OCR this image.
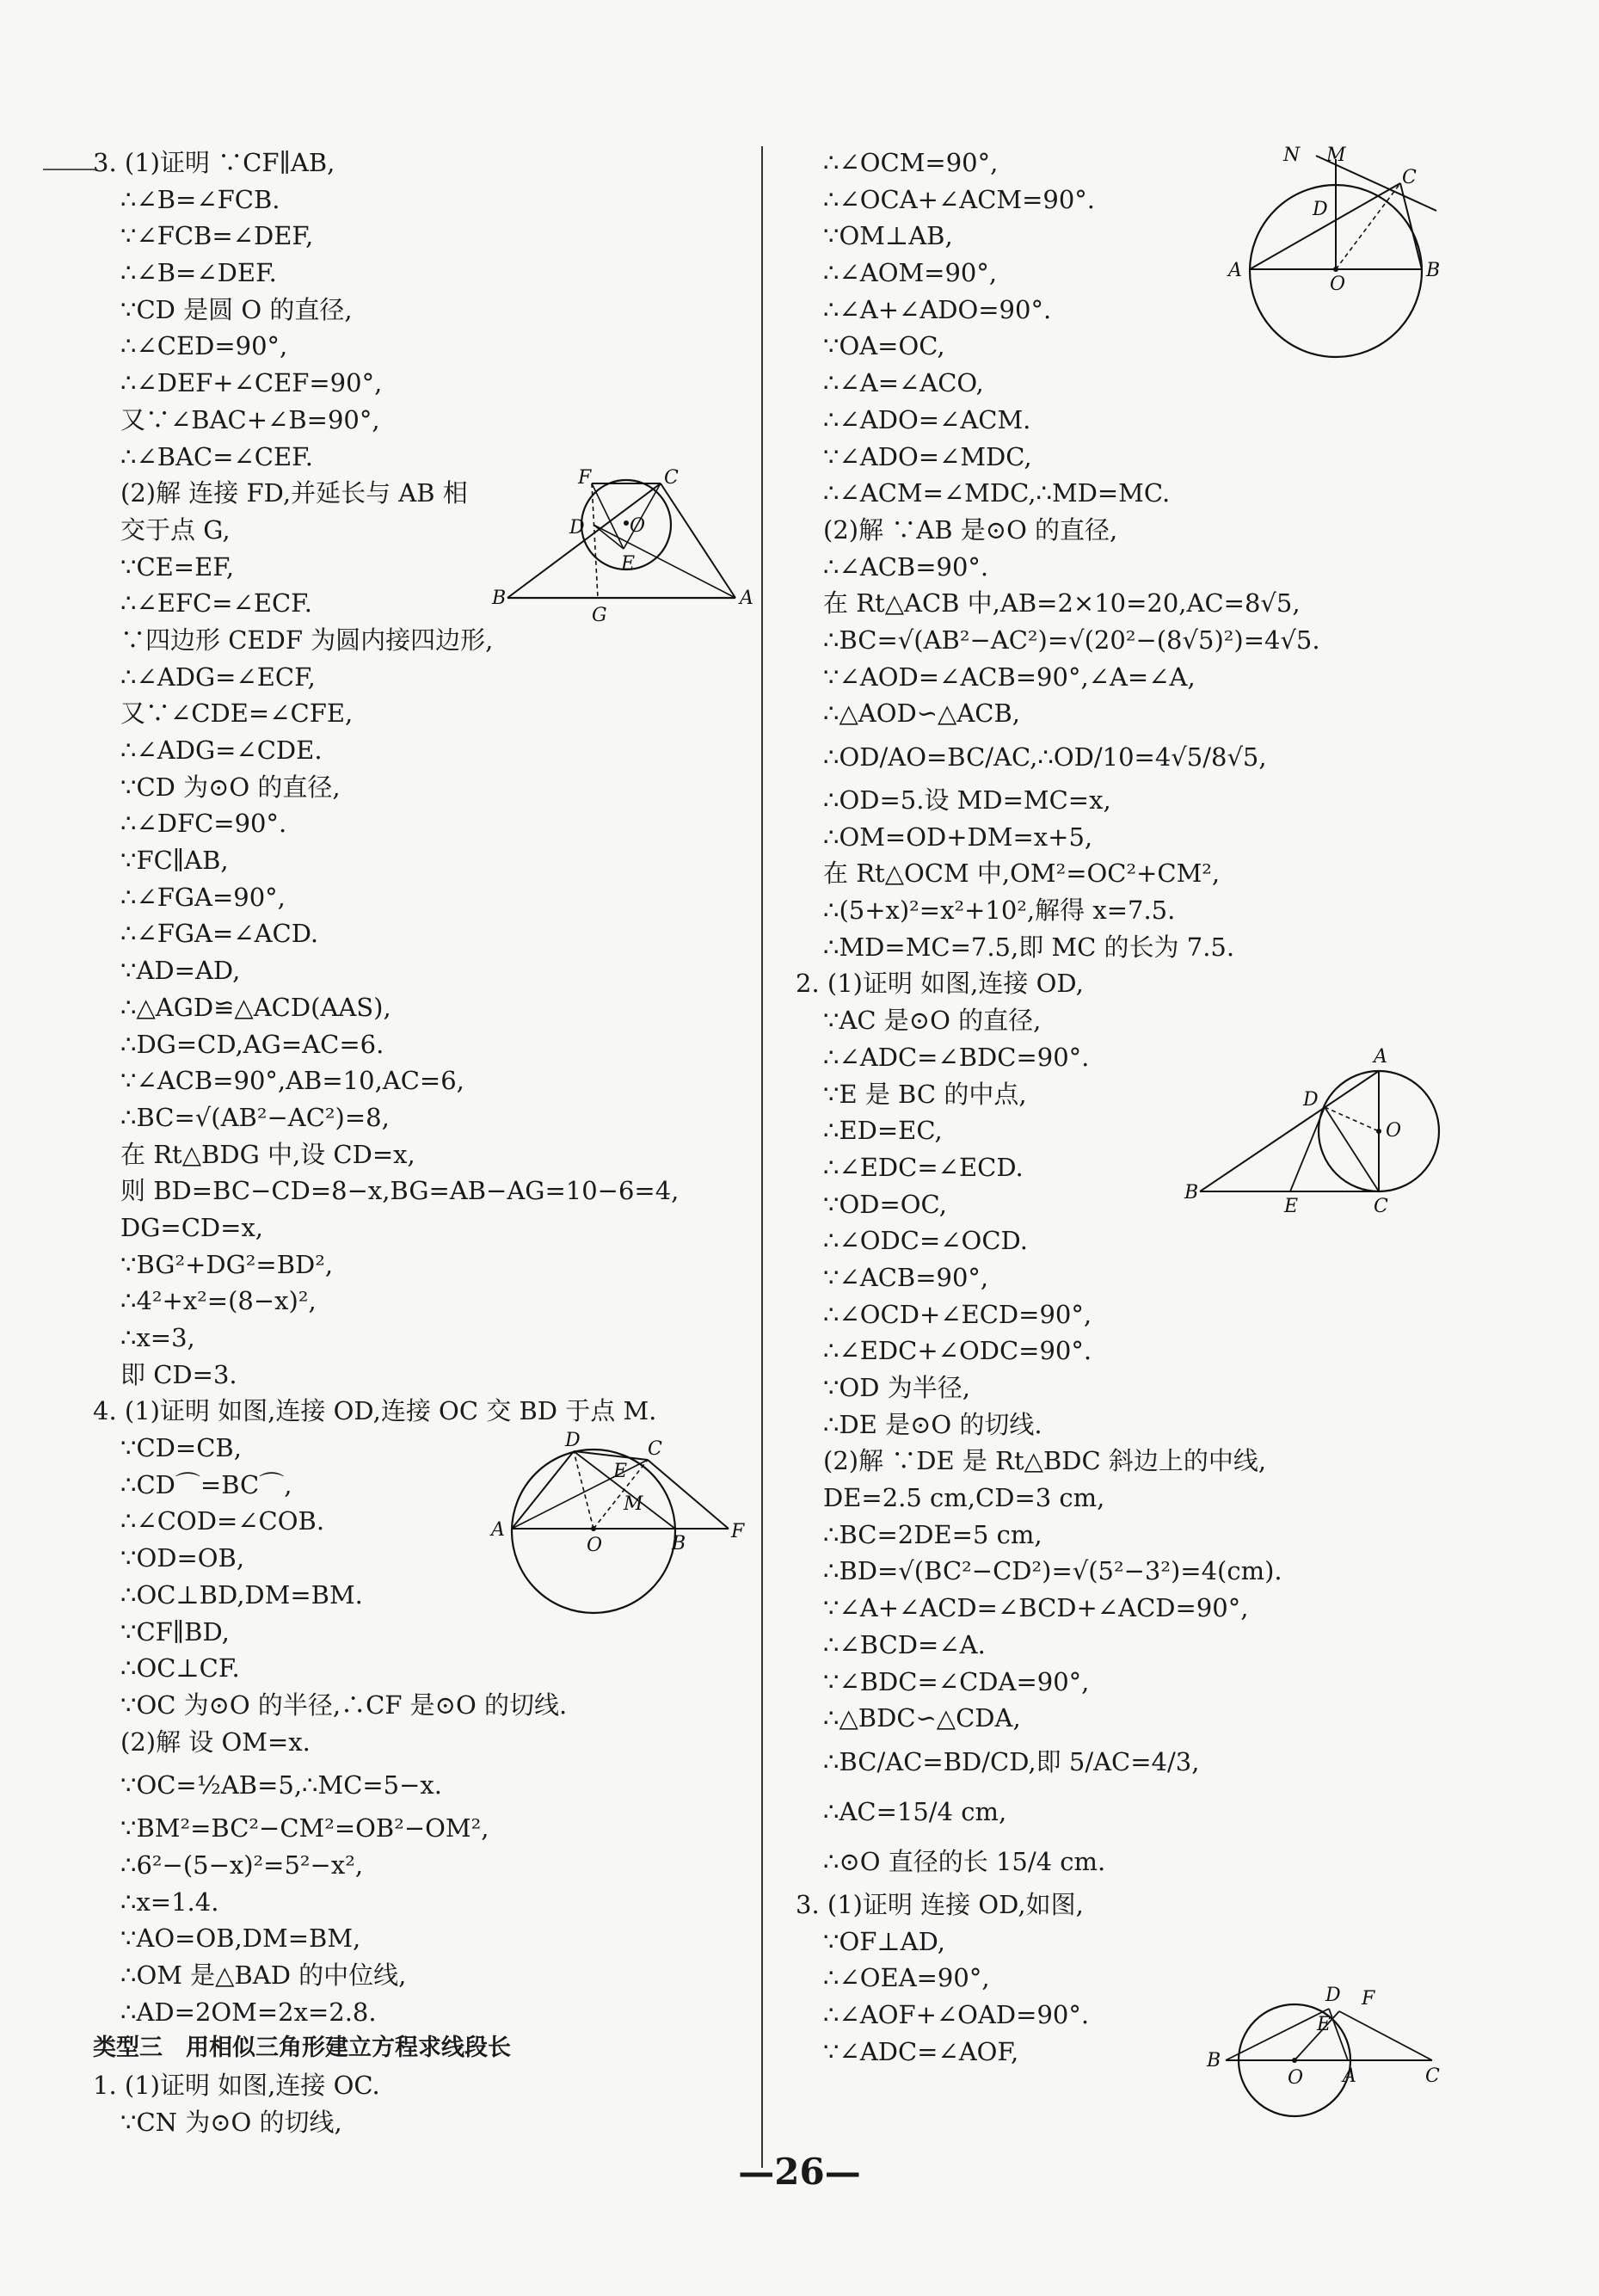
3. (1)证明 ∵CF∥AB,
∴∠B=∠FCB.
∵∠FCB=∠DEF,
∴∠B=∠DEF.
∵CD 是圆 O 的直径,
∴∠CED=90°,
∴∠DEF+∠CEF=90°,
又∵∠BAC+∠B=90°,
∴∠BAC=∠CEF.
(2)解 连接 FD,并延长与 AB 相
交于点 G,
∵CE=EF,
∴∠EFC=∠ECF.
∵四边形 CEDF 为圆内接四边形,
∴∠ADG=∠ECF,
又∵∠CDE=∠CFE,
∴∠ADG=∠CDE.
∵CD 为⊙O 的直径,
∴∠DFC=90°.
∵FC∥AB,
∴∠FGA=90°,
∴∠FGA=∠ACD.
∵AD=AD,
∴△AGD≌△ACD(AAS),
∴DG=CD,AG=AC=6.
∵∠ACB=90°,AB=10,AC=6,
∴BC=√(AB²−AC²)=8,
在 Rt△BDG 中,设 CD=x,
则 BD=BC−CD=8−x,BG=AB−AG=10−6=4,
DG=CD=x,
∵BG²+DG²=BD²,
∴4²+x²=(8−x)²,
∴x=3,
即 CD=3.
4. (1)证明 如图,连接 OD,连接 OC 交 BD 于点 M.
∵CD=CB,
∴CD⌒=BC⌒,
∴∠COD=∠COB.
∵OD=OB,
∴OC⊥BD,DM=BM.
∵CF∥BD,
∴OC⊥CF.
∵OC 为⊙O 的半径,∴CF 是⊙O 的切线.
(2)解 设 OM=x.
∵OC=½AB=5,∴MC=5−x.
∵BM²=BC²−CM²=OB²−OM²,
∴6²−(5−x)²=5²−x²,
∴x=1.4.
∵AO=OB,DM=BM,
∴OM 是△BAD 的中位线,
∴AD=2OM=2x=2.8.
类型三　用相似三角形建立方程求线段长
1. (1)证明 如图,连接 OC.
∵CN 为⊙O 的切线,
∴∠OCM=90°,
∴∠OCA+∠ACM=90°.
∵OM⊥AB,
∴∠AOM=90°,
∴∠A+∠ADO=90°.
∵OA=OC,
∴∠A=∠ACO,
∴∠ADO=∠ACM.
∵∠ADO=∠MDC,
∴∠ACM=∠MDC,∴MD=MC.
(2)解 ∵AB 是⊙O 的直径,
∴∠ACB=90°.
在 Rt△ACB 中,AB=2×10=20,AC=8√5,
∴BC=√(AB²−AC²)=√(20²−(8√5)²)=4√5.
∵∠AOD=∠ACB=90°,∠A=∠A,
∴△AOD∽△ACB,
∴OD/AO=BC/AC,∴OD/10=4√5/8√5,
∴OD=5.设 MD=MC=x,
∴OM=OD+DM=x+5,
在 Rt△OCM 中,OM²=OC²+CM²,
∴(5+x)²=x²+10²,解得 x=7.5.
∴MD=MC=7.5,即 MC 的长为 7.5.
2. (1)证明 如图,连接 OD,
∵AC 是⊙O 的直径,
∴∠ADC=∠BDC=90°.
∵E 是 BC 的中点,
∴ED=EC,
∴∠EDC=∠ECD.
∵OD=OC,
∴∠ODC=∠OCD.
∵∠ACB=90°,
∴∠OCD+∠ECD=90°,
∴∠EDC+∠ODC=90°.
∵OD 为半径,
∴DE 是⊙O 的切线.
(2)解 ∵DE 是 Rt△BDC 斜边上的中线,
DE=2.5 cm,CD=3 cm,
∴BC=2DE=5 cm,
∴BD=√(BC²−CD²)=√(5²−3²)=4(cm).
∵∠A+∠ACD=∠BCD+∠ACD=90°,
∴∠BCD=∠A.
∵∠BDC=∠CDA=90°,
∴△BDC∽△CDA,
∴BC/AC=BD/CD,即 5/AC=4/3,
∴AC=15/4 cm,
∴⊙O 直径的长 15/4 cm.
3. (1)证明 连接 OD,如图,
∵OF⊥AD,
∴∠OEA=90°,
∴∠AOF+∠OAD=90°.
∵∠ADC=∠AOF,
F	C
D O
E
B
G
A
D
E
C
M
A
O	B
F
N M
C
D
A
O
B
A
D
O
B
E	C
D F
E
B
O A	C
—26—
